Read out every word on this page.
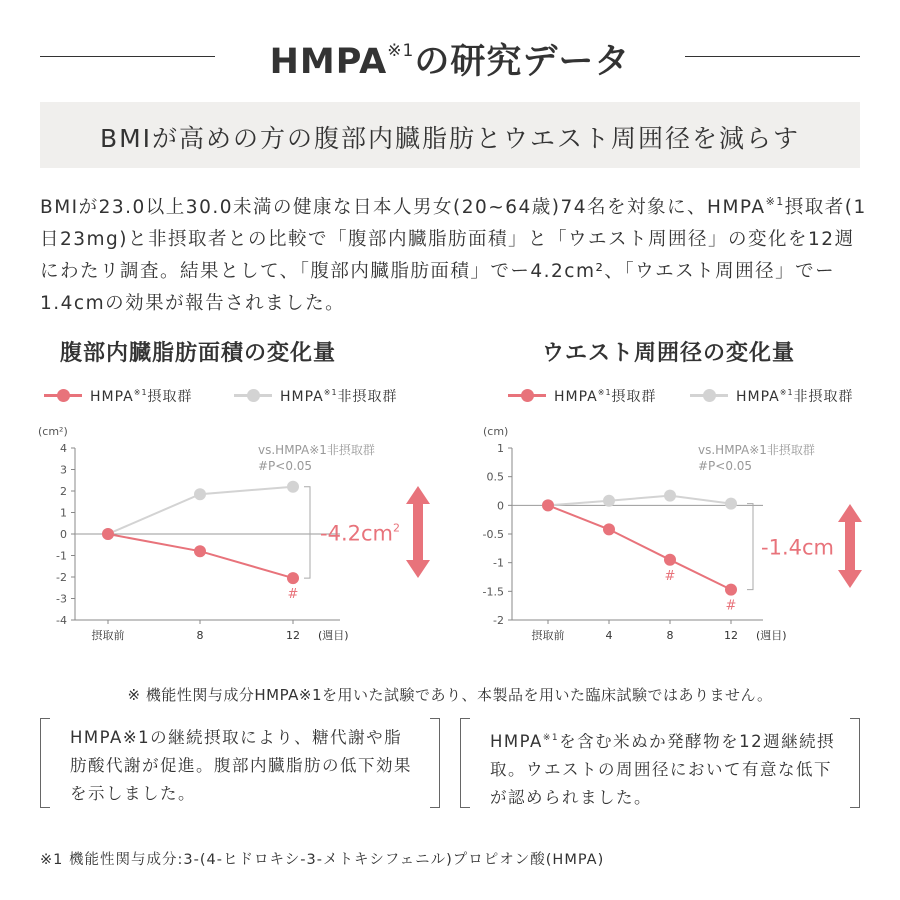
HMPA$^{※1}$の研究データ
BMIが高めの方の腹部内臓脂肪とウエスト周囲径を減らす
BMIが23.0以上30.0未満の健康な日本人男女(20~64歳)74名を対象に、HMPA$^{※1}$摂取者(1日23mg)と非摂取者との比較で「腹部内臓脂肪面積」と「ウエスト周囲径」の変化を12週にわたリ調査。結果として、「腹部内臓脂肪面積」でー4.2cm²、「ウエスト周囲径」でー1.4cmの効果が報告されました。
腹部内臓脂肪面積の変化量
HMPA$^{※1}$摂取群	HMPA$^{※1}$非摂取群
(cm²)
4
3
2
1
0
-1
-2
-3
-4
摂取前	8	12 (週目)
vs.HMPA※1非摂取群
#P<0.05
#
$-4.2cm^2$
ウエスト周囲径の変化量
HMPA$^{※1}$摂取群	HMPA$^{※1}$非摂取群
(cm)
1
0.5
0
-0.5
-1
-1.5
-2
摂取前	4	8	12 (週目)
vs.HMPA※1非摂取群
#P<0.05
#
#
-1.4cm
※ 機能性関与成分HMPA※1を用いた試験であり、本製品を用いた臨床試験ではありません。
HMPA※1の継続摂取により、糖代謝や脂肪酸代謝が促進。腹部内臓脂肪の低下効果を示しました。
HMPA$^{※1}$を含む米ぬか発酵物を12週継続摂取。ウエストの周囲径において有意な低下が認められました。
※1 機能性関与成分:3-(4-ヒドロキシ-3-メトキシフェニル)プロピオン酸(HMPA)
